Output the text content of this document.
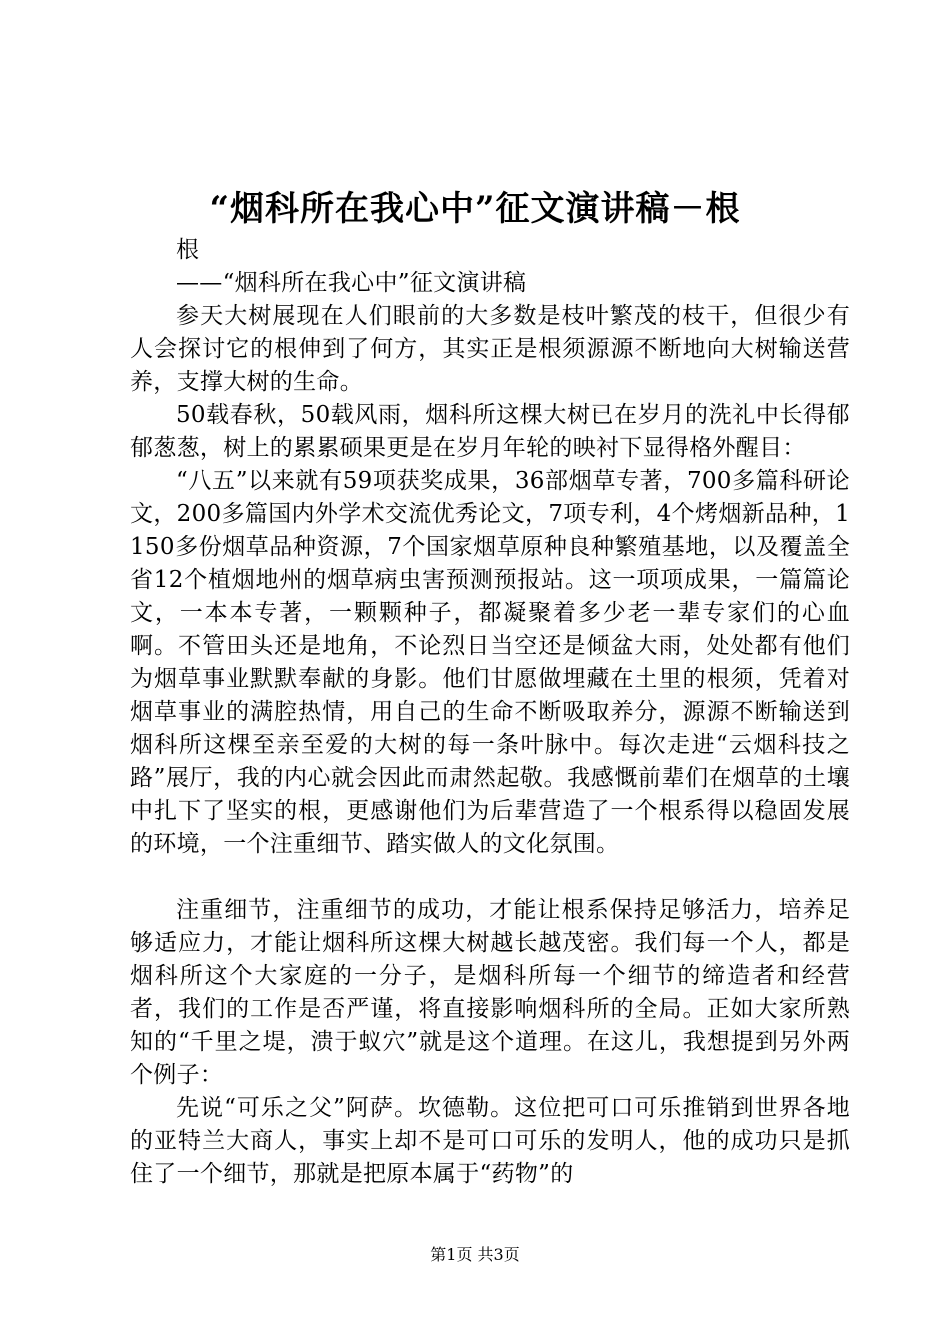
“烟科所在我心中”征文演讲稿－根

根

——“烟科所在我心中”征文演讲稿

参天大树展现在人们眼前的大多数是枝叶繁茂的枝干，但很少有人会探讨它的根伸到了何方，其实正是根须源源不断地向大树输送营养，支撑大树的生命。

50载春秋，50载风雨，烟科所这棵大树已在岁月的洗礼中长得郁郁葱葱，树上的累累硕果更是在岁月年轮的映衬下显得格外醒目：

“八五”以来就有59项获奖成果，36部烟草专著，700多篇科研论文，200多篇国内外学术交流优秀论文，7项专利，4个烤烟新品种，1150多份烟草品种资源，7个国家烟草原种良种繁殖基地，以及覆盖全省12个植烟地州的烟草病虫害预测预报站。这一项项成果，一篇篇论文，一本本专著，一颗颗种子，都凝聚着多少老一辈专家们的心血啊。不管田头还是地角，不论烈日当空还是倾盆大雨，处处都有他们为烟草事业默默奉献的身影。他们甘愿做埋藏在土里的根须，凭着对烟草事业的满腔热情，用自己的生命不断吸取养分，源源不断输送到烟科所这棵至亲至爱的大树的每一条叶脉中。每次走进“云烟科技之路”展厅，我的内心就会因此而肃然起敬。我感慨前辈们在烟草的土壤中扎下了坚实的根，更感谢他们为后辈营造了一个根系得以稳固发展的环境，一个注重细节、踏实做人的文化氛围。

注重细节，注重细节的成功，才能让根系保持足够活力，培养足够适应力，才能让烟科所这棵大树越长越茂密。我们每一个人，都是烟科所这个大家庭的一分子，是烟科所每一个细节的缔造者和经营者，我们的工作是否严谨，将直接影响烟科所的全局。正如大家所熟知的“千里之堤，溃于蚁穴”就是这个道理。在这儿，我想提到另外两个例子：

先说“可乐之父”阿萨。坎德勒。这位把可口可乐推销到世界各地的亚特兰大商人，事实上却不是可口可乐的发明人，他的成功只是抓住了一个细节，那就是把原本属于“药物”的

第1页 共3页
